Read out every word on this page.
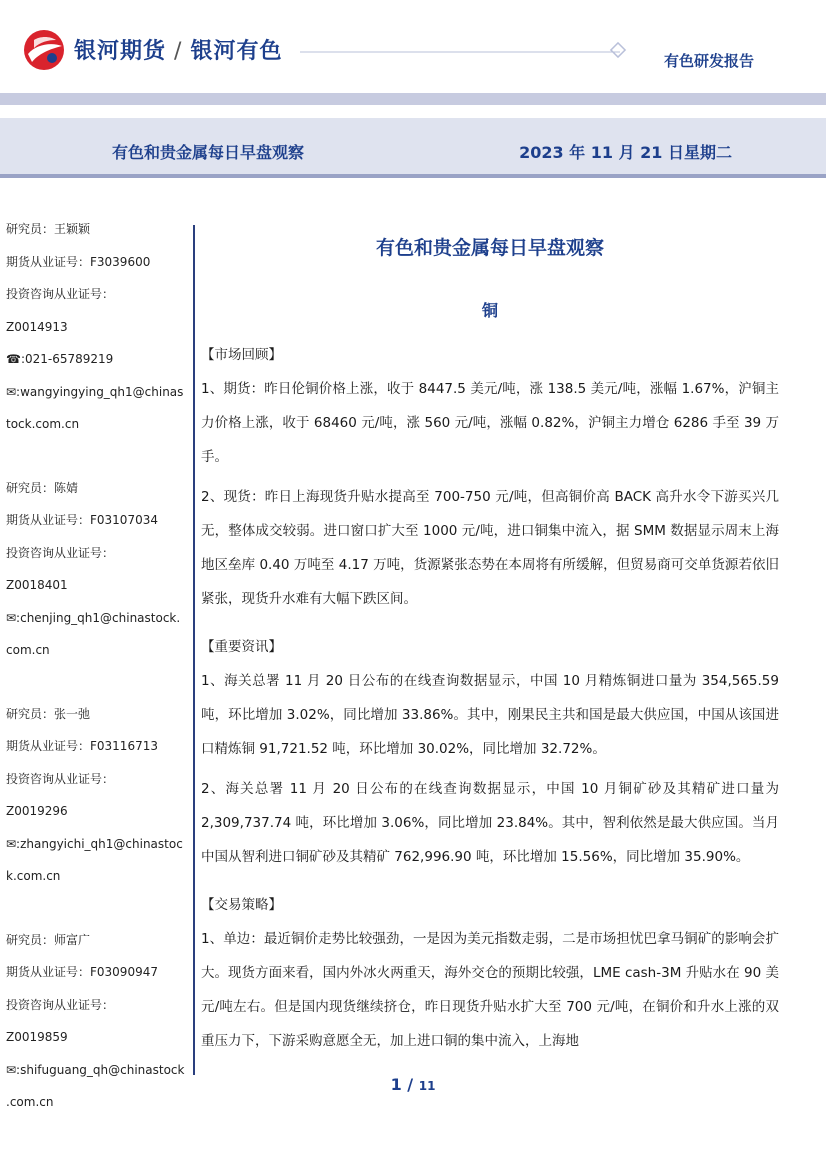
银河期货 / 银河有色	有色研发报告
有色和贵金属每日早盘观察	2023 年 11 月 21 日星期二
研究员：王颖颖
期货从业证号：F3039600
投资咨询从业证号：
Z0014913
☎:021-65789219
✉:wangyingying_qh1@chinas
tock.com.cn
研究员：陈婧
期货从业证号：F03107034
投资咨询从业证号：
Z0018401
✉:chenjing_qh1@chinastock.
com.cn
研究员：张一弛
期货从业证号：F03116713
投资咨询从业证号：
Z0019296
✉:zhangyichi_qh1@chinastoc
k.com.cn
研究员：师富广
期货从业证号：F03090947
投资咨询从业证号：
Z0019859
✉:shifuguang_qh@chinastock
.com.cn
有色和贵金属每日早盘观察
铜
【市场回顾】
1、期货：昨日伦铜价格上涨，收于 8447.5 美元/吨，涨 138.5 美元/吨，涨幅 1.67%，沪铜主力价格上涨，收于 68460 元/吨，涨 560 元/吨，涨幅 0.82%，沪铜主力增仓 6286 手至 39 万手。
2、现货：昨日上海现货升贴水提高至 700-750 元/吨，但高铜价高 BACK 高升水令下游买兴几无，整体成交较弱。进口窗口扩大至 1000 元/吨，进口铜集中流入，据 SMM 数据显示周末上海地区垒库 0.40 万吨至 4.17 万吨，货源紧张态势在本周将有所缓解，但贸易商可交单货源若依旧紧张，现货升水难有大幅下跌区间。
【重要资讯】
1、海关总署 11 月 20 日公布的在线查询数据显示，中国 10 月精炼铜进口量为 354,565.59 吨，环比增加 3.02%，同比增加 33.86%。其中，刚果民主共和国是最大供应国，中国从该国进口精炼铜 91,721.52 吨，环比增加 30.02%，同比增加 32.72%。
2、海关总署 11 月 20 日公布的在线查询数据显示，中国 10 月铜矿砂及其精矿进口量为 2,309,737.74 吨，环比增加 3.06%，同比增加 23.84%。其中，智利依然是最大供应国。当月中国从智利进口铜矿砂及其精矿 762,996.90 吨，环比增加 15.56%，同比增加 35.90%。
【交易策略】
1、单边：最近铜价走势比较强劲，一是因为美元指数走弱，二是市场担忧巴拿马铜矿的影响会扩大。现货方面来看，国内外冰火两重天，海外交仓的预期比较强，LME cash-3M 升贴水在 90 美元/吨左右。但是国内现货继续挤仓，昨日现货升贴水扩大至 700 元/吨，在铜价和升水上涨的双重压力下，下游采购意愿全无，加上进口铜的集中流入，上海地
1 / 11
